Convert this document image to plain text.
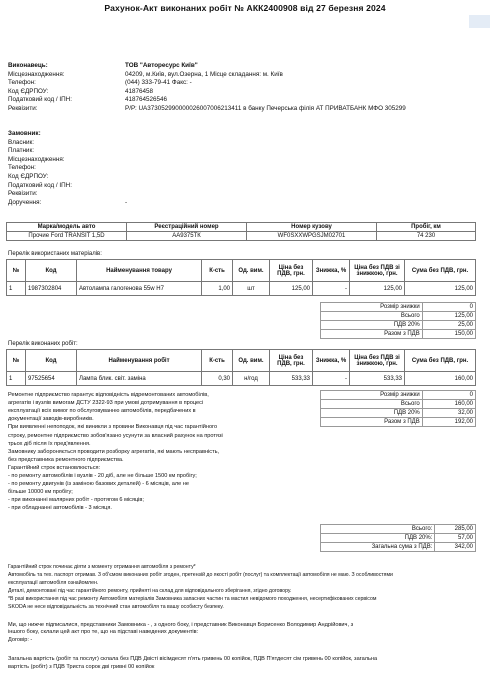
Рахунок-Акт виконаних робіт № АКК2400908 від 27 березня 2024
Виконавець:	ТОВ "Авторесурс Київ"
Місцезнаходження:	04209, м.Київ, вул.Озерна, 1 Місце складання: м. Київ
Телефон:	(044) 333-79-41 Факс: -
Код ЄДРПОУ:	41876458
Податковий код / ІПН:	418764526546
Реквізити:	Р/Р: UA373052990000026007006213411 в банку Печерська філія АТ ПРИВАТБАНК МФО 305299
Замовник:
Власник:
Платник:
Місцезнаходження:
Телефон:
Код ЄДРПОУ:
Податковий код / ІПН:
Реквізити:
Доручення:	-
Марка/модель авто	Реєстраційний номер	Номер кузову	Пробіг, км
Прочие Ford TRANSIT 1,5D	АА9375ТК	WF0SXXWPGSJM02701	74 230
Перелік використаних матеріалів:
№	Код	Найменування товару	К-сть	Од. вим.	Ціна без ПДВ, грн.	Знижка, %	Ціна без ПДВ зі знижкою, грн.	Сума без ПДВ, грн.
1	1987302804	Автолампа галогенова 55w H7	1,00	шт	125,00	-	125,00	125,00
Розмір знижки	0
Всього	125,00
ПДВ 20%	25,00
Разом з ПДВ	150,00
Перелік виконаних робіт:
№	Код	Найменування робіт	К-сть	Од. вим.	Ціна без ПДВ, грн.	Знижка, %	Ціна без ПДВ зі знижкою, грн.	Сума без ПДВ, грн.
1	97525654	Лампа блик. світ. заміна	0,30	н/год	533,33	-	533,33	160,00
Ремонтне підприємство гарантує відповідність відремонтованих автомобілів,
агрегатів і вузлів вимогам ДСТУ 2322-93 при умові дотримування в процесі
експлуатації всіх вимог по обслуговуванню автомобілів, передбачених в
документації заводів-виробників.
При виявленні непоподок, які виникли з провини Виконавця під час гарантійного
строку, ремонтне підприємство зобов'язано усунути за власний рахунок на протязі
трьох діб після їх пред'явлення.
Замовнику забороняється проводити розборку агрегатів, які мають несправність,
без представника ремонтного підприємства.
Гарантійний строк встановлюється:
- по ремонту автомобілів і вузлів - 20 діб, але не більше 1500 км пробігу;
- по ремонту двигунів (із заміною базових деталей) - 6 місяців, але не
більше 10000 км пробігу;
- при виконанні малярних робіт - протягом 6 місяців;
- при обладнанні автомобілів - 3 місяця.
Розмір знижки	0
Всього	160,00
ПДВ 20%	32,00
Разом з ПДВ	192,00
Всього:	285,00
ПДВ 20%:	57,00
Загальна сума з ПДВ:	342,00
Гарантійний строк починає діяти з моменту отримання автомобіля з ремонту*
Автомобіль та тех. паспорт отримав. З об'ємом виконаних робіт згоден, претензій до якості робіт (послуг) та комплектації автомобіля не маю. З особливостями
експлуатації автомобіля ознайомлен.
Деталі, демонтовані під час гарантійного ремонту, прийняті на склад для відповідального зберігання, згідно договору.
*В разі використання під час ремонту Автомобіля матеріалів Замовника запасних частин та мастил невідомого походження, несертифікованих сервісом
SKODA не несе відповідальність за технічний стан автомобіля та вашу особисту безпеку.
Ми, що нижче підписалися, представники Замовника - , з одного боку, і представник Виконавця Борисенко Володимир Андрійович, з
іншого боку, склали цей акт про те, що на підставі наведених документів:
Договір: -
Загальна вартість (робіт та послуг) склала без ПДВ Двісті вісімдесят п'ять гривень 00 копійок, ПДВ П'ятдесят сім гривень 00 копійок, загальна
вартість (робіт) з ПДВ Триста сорок дві гривні 00 копійок
